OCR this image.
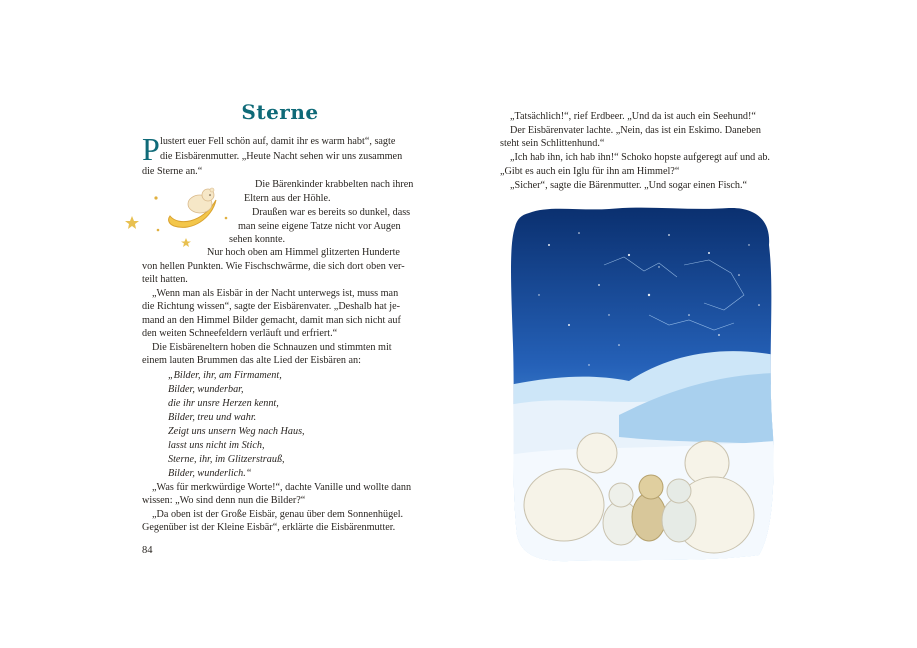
Sterne
P lustert euer Fell schön auf, damit ihr es warm habt“, sagte
die Eisbärenmutter. „Heute Nacht sehen wir uns zusammen
die Sterne an.“
Die Bärenkinder krabbelten nach ihren
Eltern aus der Höhle.
Draußen war es bereits so dunkel, dass
man seine eigene Tatze nicht vor Augen
sehen konnte.
Nur hoch oben am Himmel glitzerten Hunderte
von hellen Punkten. Wie Fischschwärme, die sich dort oben ver-
teilt hatten.
„Wenn man als Eisbär in der Nacht unterwegs ist, muss man
die Richtung wissen“, sagte der Eisbärenvater. „Deshalb hat je-
mand an den Himmel Bilder gemacht, damit man sich nicht auf
den weiten Schneefeldern verläuft und erfriert.“
Die Eisbäreneltern hoben die Schnauzen und stimmten mit
einem lauten Brummen das alte Lied der Eisbären an:
„Bilder, ihr, am Firmament,
Bilder, wunderbar,
die ihr unsre Herzen kennt,
Bilder, treu und wahr.
Zeigt uns unsern Weg nach Haus,
lasst uns nicht im Stich,
Sterne, ihr, im Glitzerstrauß,
Bilder, wunderlich.“
„Was für merkwürdige Worte!“, dachte Vanille und wollte dann
wissen: „Wo sind denn nun die Bilder?“
„Da oben ist der Große Eisbär, genau über dem Sonnenhügel.
Gegenüber ist der Kleine Eisbär“, erklärte die Eisbärenmutter.
84
„Tatsächlich!“, rief Erdbeer. „Und da ist auch ein Seehund!“
Der Eisbärenvater lachte. „Nein, das ist ein Eskimo. Daneben
steht sein Schlittenhund.“
„Ich hab ihn, ich hab ihn!“ Schoko hopste aufgeregt auf und ab.
„Gibt es auch ein Iglu für ihn am Himmel?“
„Sicher“, sagte die Bärenmutter. „Und sogar einen Fisch.“
